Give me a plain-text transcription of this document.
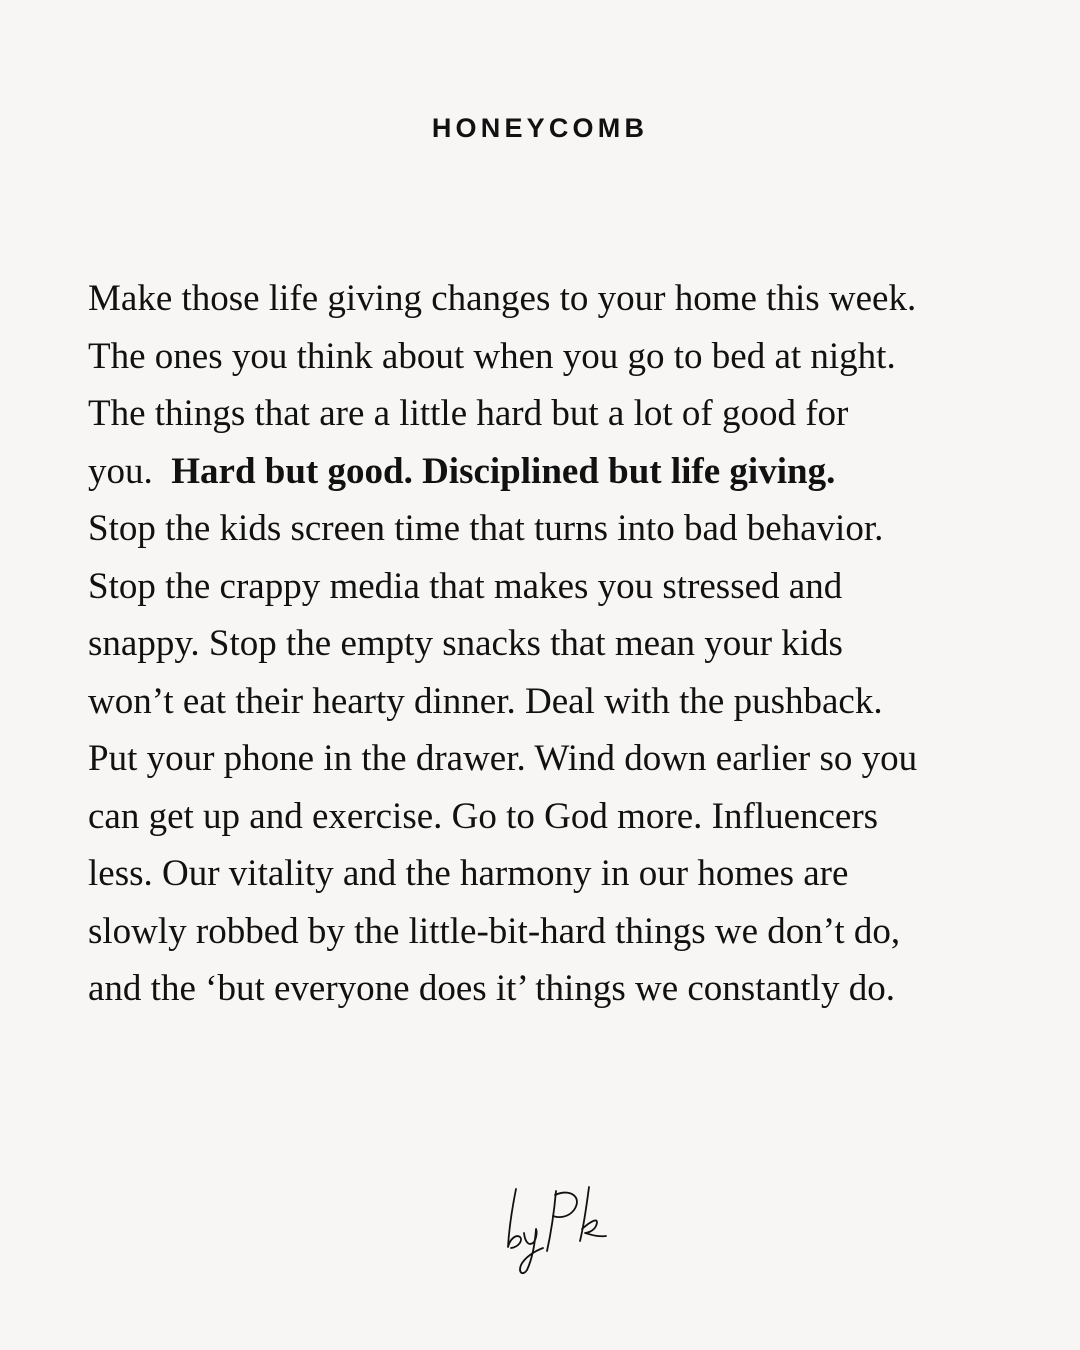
HONEYCOMB
Make those life giving changes to your home this week.
The ones you think about when you go to bed at night.
The things that are a little hard but a lot of good for
you. Hard but good. Disciplined but life giving.
Stop the kids screen time that turns into bad behavior.
Stop the crappy media that makes you stressed and
snappy. Stop the empty snacks that mean your kids
won’t eat their hearty dinner. Deal with the pushback.
Put your phone in the drawer. Wind down earlier so you
can get up and exercise. Go to God more. Influencers
less. Our vitality and the harmony in our homes are
slowly robbed by the little-bit-hard things we don’t do,
and the ‘but everyone does it’ things we constantly do.
